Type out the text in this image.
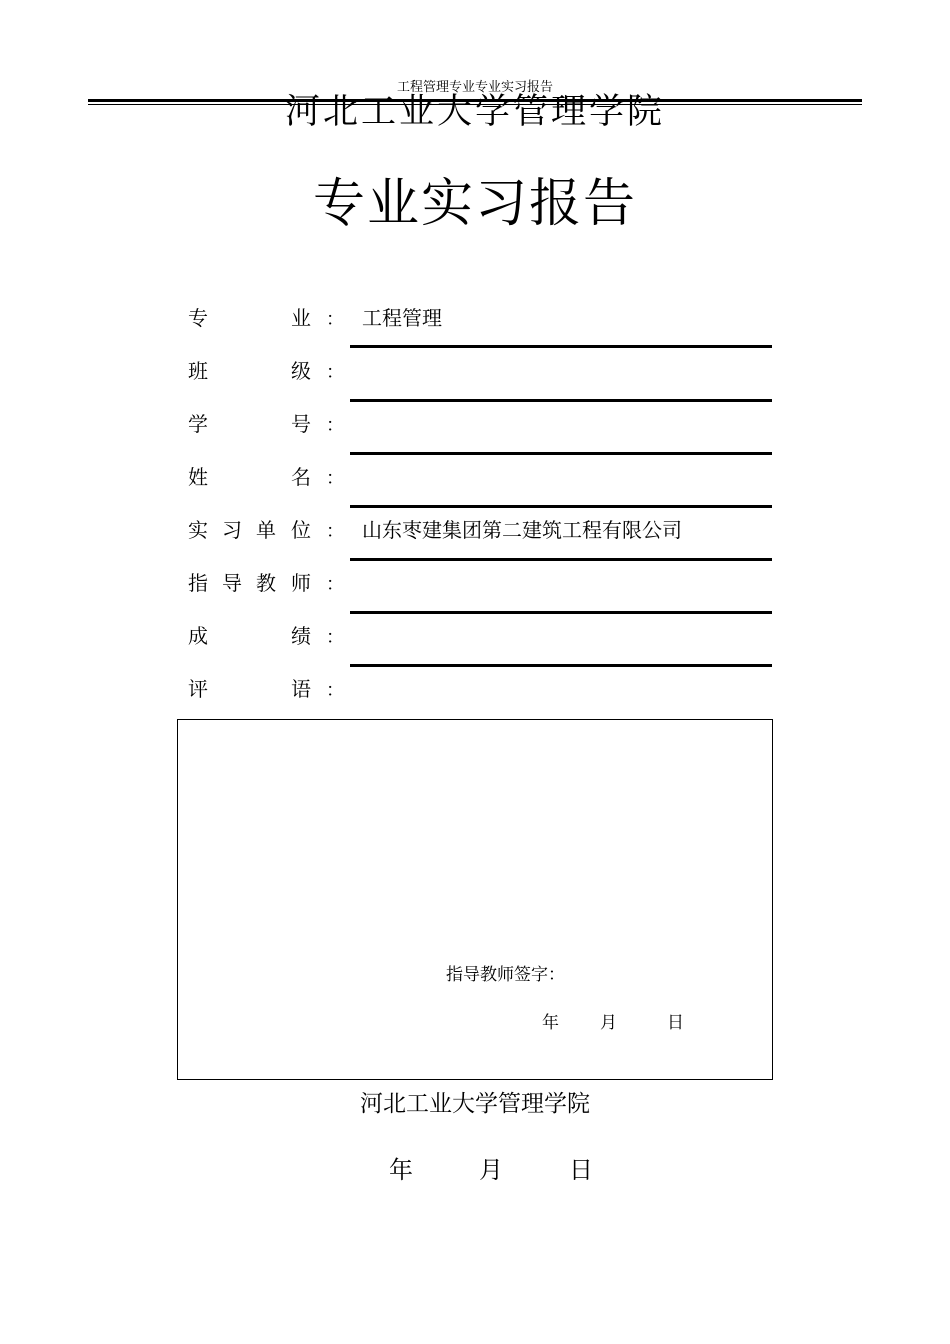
工程管理专业专业实习报告
河北工业大学管理学院
专业实习报告
专	业 ： 工程管理
班	级 ：
学	号 ：
姓	名 ：
实 习 单 位 ： 山东枣建集团第二建筑工程有限公司
指 导 教 师 ：
成	绩 ：
评	语 ：
指导教师签字：
年 月	日
河北工业大学管理学院
年	月	日
